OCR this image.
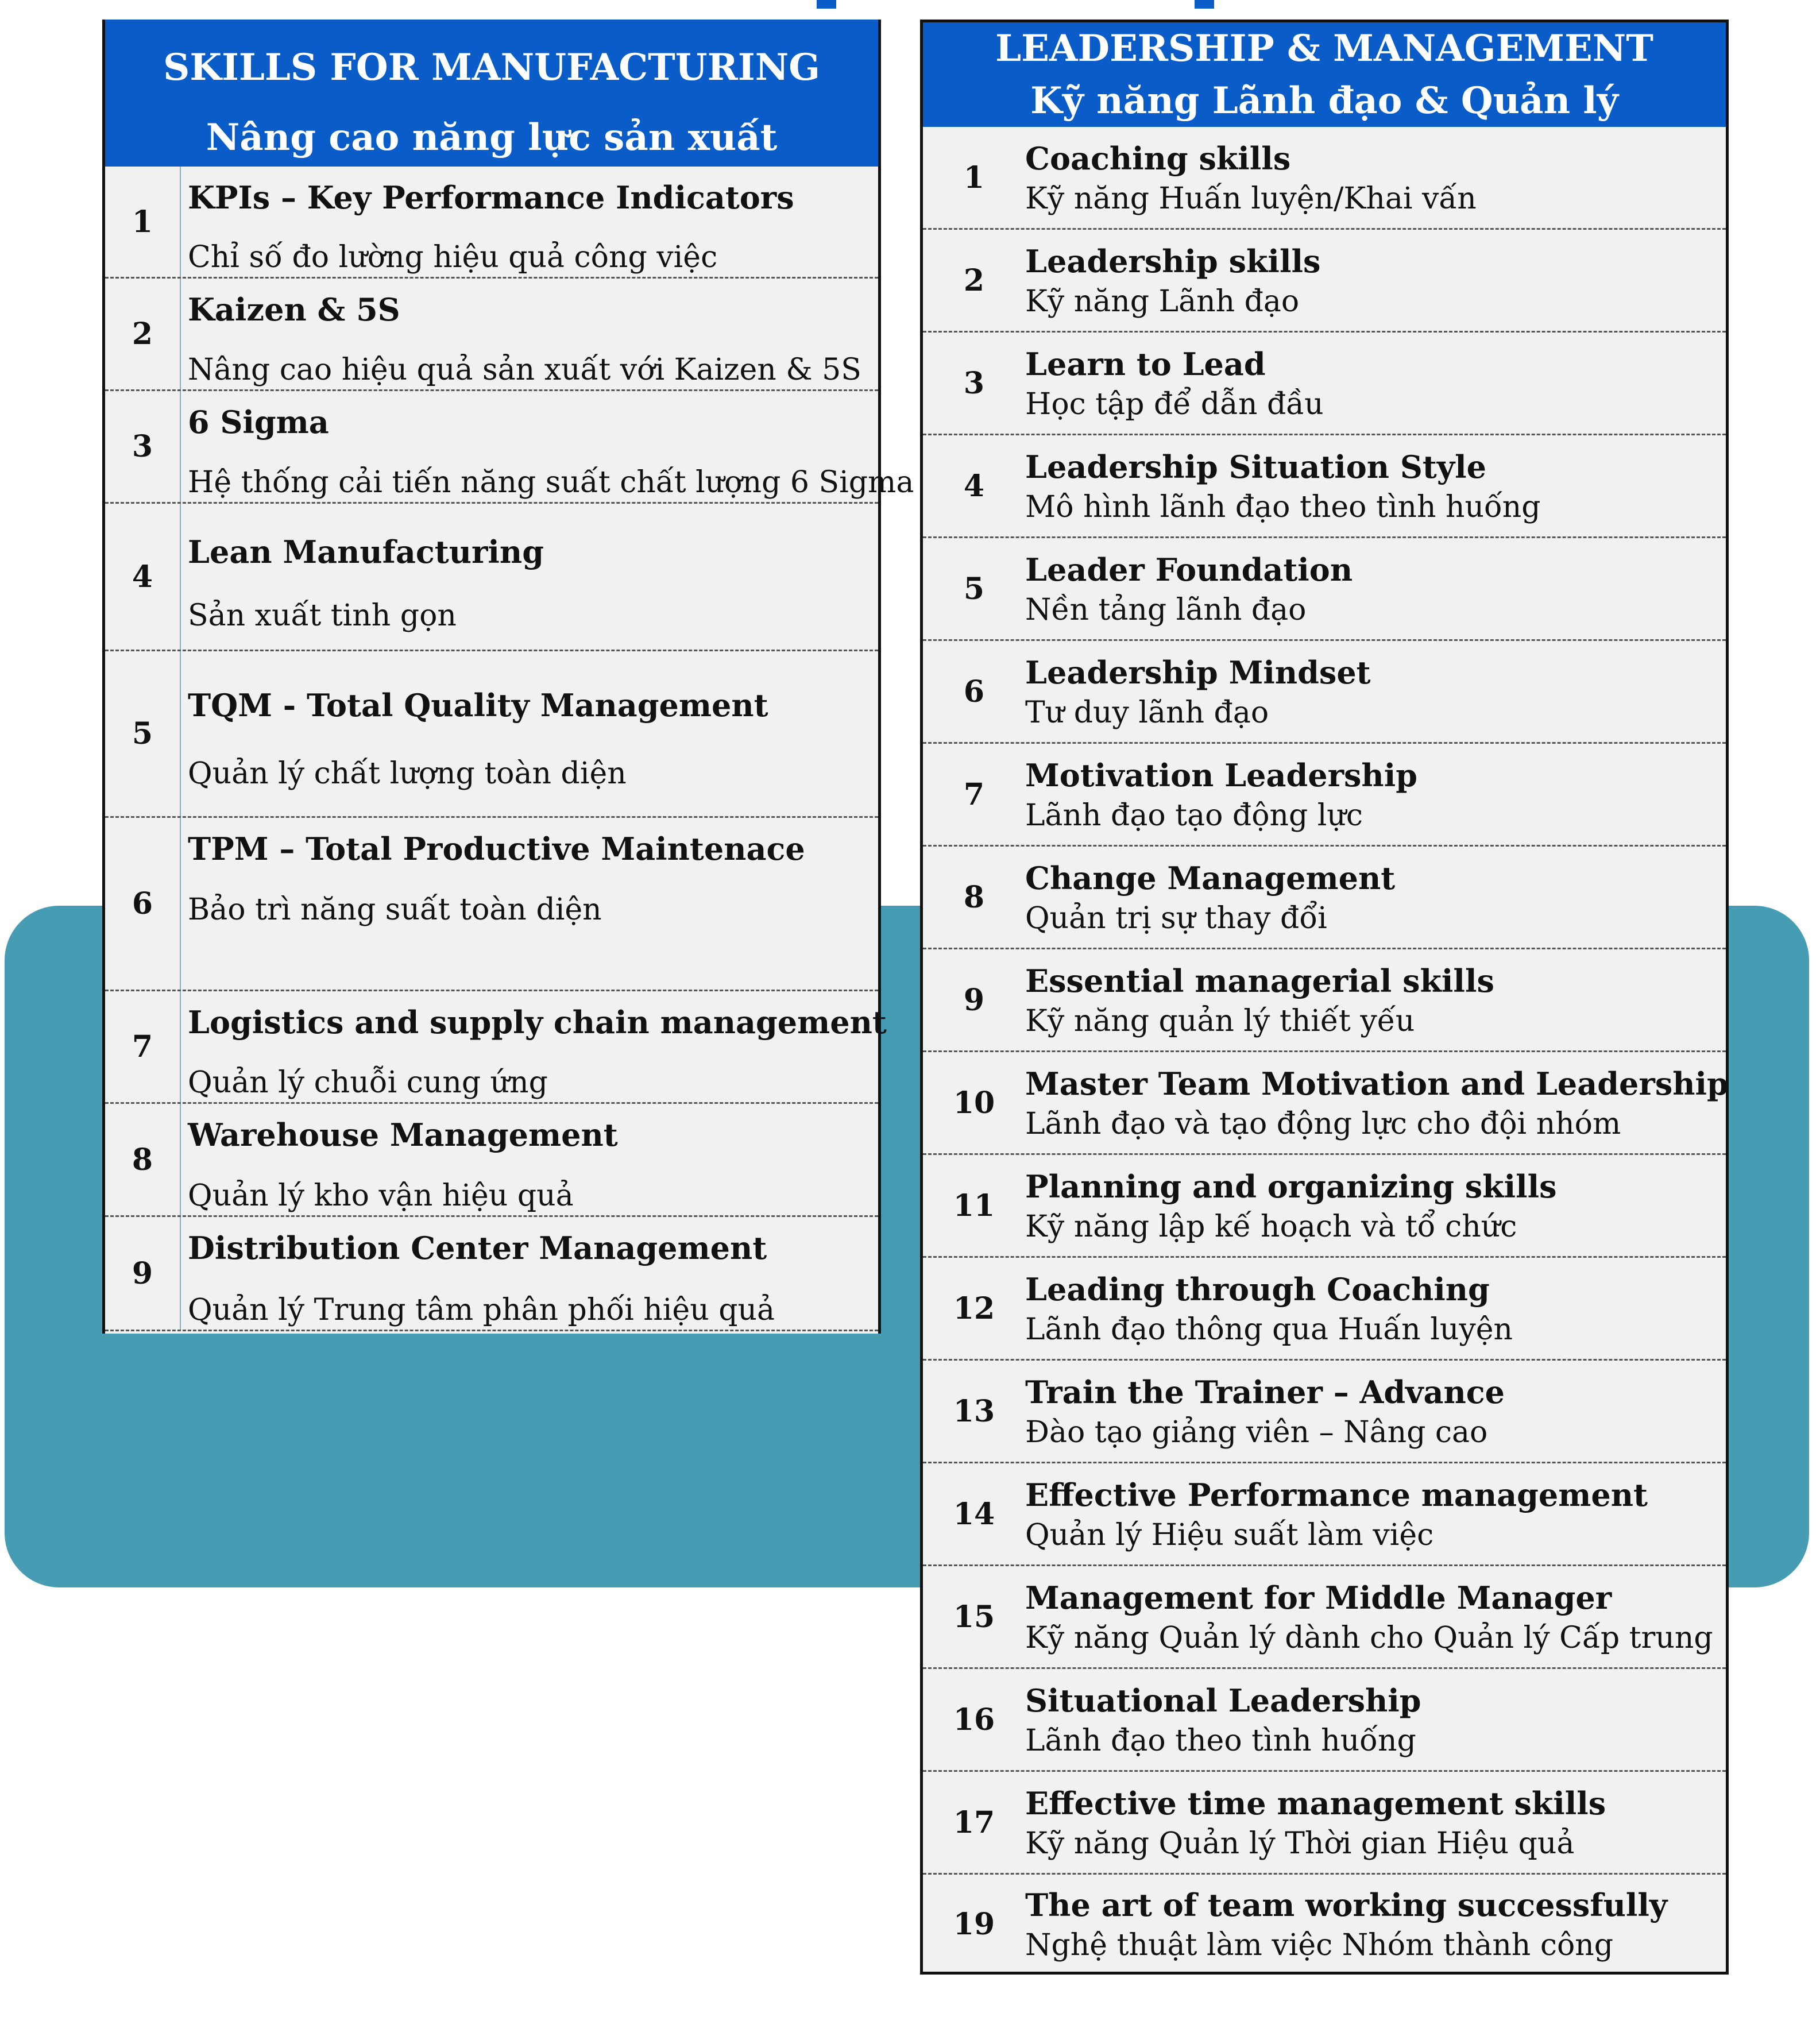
SKILLS FOR MANUFACTURING
Nâng cao năng lực sản xuất
1
KPIs – Key Performance Indicators
Chỉ số đo lường hiệu quả công việc
2
Kaizen & 5S
Nâng cao hiệu quả sản xuất với Kaizen & 5S
3
6 Sigma
Hệ thống cải tiến năng suất chất lượng 6 Sigma
4
Lean Manufacturing
Sản xuất tinh gọn
5
TQM - Total Quality Management
Quản lý chất lượng toàn diện
6
TPM – Total Productive Maintenace
Bảo trì năng suất toàn diện
7
Logistics and supply chain management
Quản lý chuỗi cung ứng
8
Warehouse Management
Quản lý kho vận hiệu quả
9
Distribution Center Management
Quản lý Trung tâm phân phối hiệu quả
LEADERSHIP & MANAGEMENT
Kỹ năng Lãnh đạo & Quản lý
1
Coaching skills
Kỹ năng Huấn luyện/Khai vấn
2
Leadership skills
Kỹ năng Lãnh đạo
3
Learn to Lead
Học tập để dẫn đầu
4
Leadership Situation Style
Mô hình lãnh đạo theo tình huống
5
Leader Foundation
Nền tảng lãnh đạo
6
Leadership Mindset
Tư duy lãnh đạo
7
Motivation Leadership
Lãnh đạo tạo động lực
8
Change Management
Quản trị sự thay đổi
9
Essential managerial skills
Kỹ năng quản lý thiết yếu
10
Master Team Motivation and Leadership
Lãnh đạo và tạo động lực cho đội nhóm
11
Planning and organizing skills
Kỹ năng lập kế hoạch và tổ chức
12
Leading through Coaching
Lãnh đạo thông qua Huấn luyện
13
Train the Trainer – Advance
Đào tạo giảng viên – Nâng cao
14
Effective Performance management
Quản lý Hiệu suất làm việc
15
Management for Middle Manager
Kỹ năng Quản lý dành cho Quản lý Cấp trung
16
Situational Leadership
Lãnh đạo theo tình huống
17
Effective time management skills
Kỹ năng Quản lý Thời gian Hiệu quả
19
The art of team working successfully
Nghệ thuật làm việc Nhóm thành công
